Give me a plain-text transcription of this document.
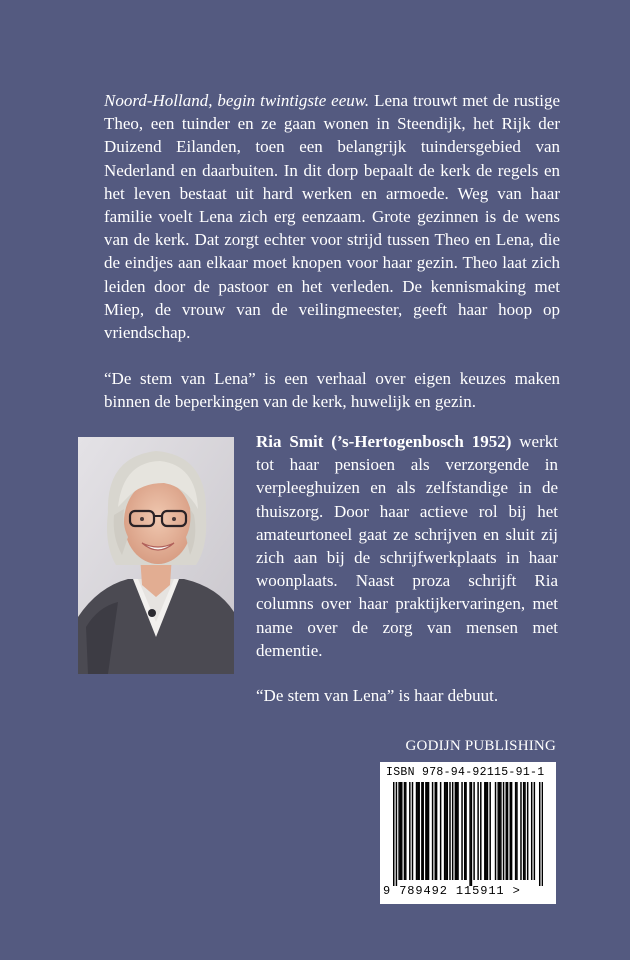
Noord-Holland, begin twintigste eeuw. Lena trouwt met de rustige Theo, een tuinder en ze gaan wonen in Steendijk, het Rijk der Duizend Eilanden, toen een belangrijk tuindersgebied van Nederland en daarbuiten. In dit dorp bepaalt de kerk de regels en het leven bestaat uit hard werken en armoede. Weg van haar familie voelt Lena zich erg eenzaam. Grote gezinnen is de wens van de kerk. Dat zorgt echter voor strijd tussen Theo en Lena, die de eindjes aan elkaar moet knopen voor haar gezin. Theo laat zich leiden door de pastoor en het verleden. De kennismaking met Miep, de vrouw van de veilingmeester, geeft haar hoop op vriendschap.

“De stem van Lena” is een verhaal over eigen keuzes maken binnen de beperkingen van de kerk, huwelijk en gezin.

Ria Smit (’s-Hertogenbosch 1952) werkt tot haar pensioen als verzorgende in verpleeghuizen en als zelfstandige in de thuiszorg. Door haar actieve rol bij het amateurtoneel gaat ze schrijven en sluit zij zich aan bij de schrijfwerkplaats in haar woonplaats. Naast proza schrijft Ria columns over haar praktijkervaringen, met name over de zorg van mensen met dementie.

“De stem van Lena” is haar debuut.

GODIJN PUBLISHING
ISBN 978-94-92115-91-1
9 789492 115911 >
